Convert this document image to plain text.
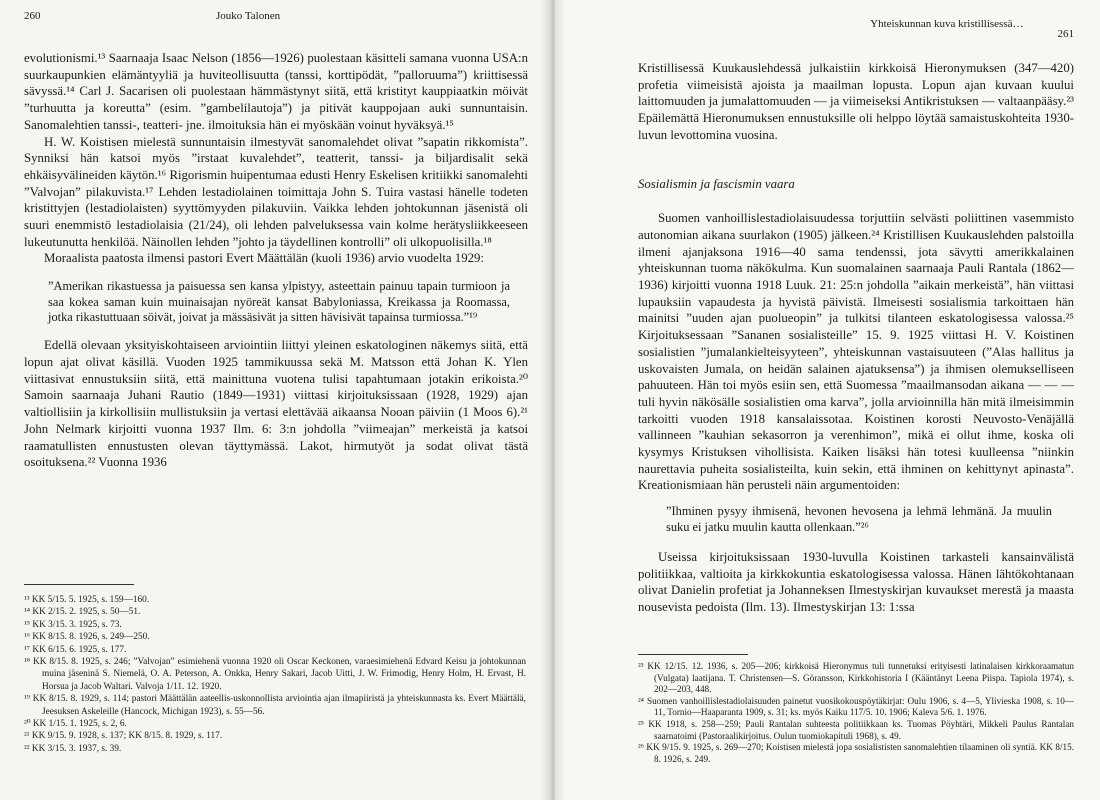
260	Jouko Talonen

evolutionismi.¹³ Saarnaaja Isaac Nelson (1856—1926) puolestaan käsitteli samana vuonna USA:n suurkaupunkien elämäntyyliä ja huviteollisuutta (tanssi, korttipödät, ”palloruuma”) kriittisessä sävyssä.¹⁴ Carl J. Sacarisen oli puolestaan hämmästynyt siitä, että kristityt kauppiaatkin möivät ”turhuutta ja koreutta” (esim. ”gambelilautoja”) ja pitivät kauppojaan auki sunnuntaisin. Sanomalehtien tanssi-, teatteri- jne. ilmoituksia hän ei myöskään voinut hyväksyä.¹⁵

H. W. Koistisen mielestä sunnuntaisin ilmestyvät sanomalehdet olivat ”sapatin rikkomista”. Synniksi hän katsoi myös ”irstaat kuvalehdet”, teatterit, tanssi- ja biljardisalit sekä ehkäisyvälineiden käytön.¹⁶ Rigorismin huipentumaa edusti Henry Eskelisen kritiikki sanomalehti ”Valvojan” pilakuvista.¹⁷ Lehden lestadiolainen toimittaja John S. Tuira vastasi hänelle todeten kristittyjen (lestadiolaisten) syyttömyyden pilakuviin. Vaikka lehden johtokunnan jäsenistä oli suuri enemmistö lestadiolaisia (21/24), oli lehden palveluksessa vain kolme herätysliikkeeseen lukeutunutta henkilöä. Näinollen lehden ”johto ja täydellinen kontrolli” oli ulkopuolisilla.¹⁸

Moraalista paatosta ilmensi pastori Evert Määttälän (kuoli 1936) arvio vuodelta 1929:

”Amerikan rikastuessa ja paisuessa sen kansa ylpistyy, asteettain painuu tapain turmioon ja saa kokea saman kuin muinaisajan nyöreät kansat Babyloniassa, Kreikassa ja Roomassa, jotka rikastuttuaan söivät, joivat ja mässäsivät ja sitten hävisivät tapainsa turmiossa.”¹⁹

Edellä olevaan yksityiskohtaiseen arviointiin liittyi yleinen eskatologinen näkemys siitä, että lopun ajat olivat käsillä. Vuoden 1925 tammikuussa sekä M. Matsson että Johan K. Ylen viittasivat ennustuksiin siitä, että mainittuna vuotena tulisi tapahtumaan jotakin erikoista.²⁰ Samoin saarnaaja Juhani Rautio (1849—1931) viittasi kirjoituksissaan (1928, 1929) ajan valtiollisiin ja kirkollisiin mullistuksiin ja vertasi elettävää aikaansa Nooan päiviin (1 Moos 6).²¹ John Nelmark kirjoitti vuonna 1937 Ilm. 6: 3:n johdolla ”viimeajan” merkeistä ja katsoi raamatullisten ennustusten olevan täyttymässä. Lakot, hirmutyöt ja sodat olivat tästä osoituksena.²² Vuonna 1936

¹³ KK 5/15. 5. 1925, s. 159—160.
¹⁴ KK 2/15. 2. 1925, s. 50—51.
¹⁵ KK 3/15. 3. 1925, s. 73.
¹⁶ KK 8/15. 8. 1926, s. 249—250.
¹⁷ KK 6/15. 6. 1925, s. 177.
¹⁸ KK 8/15. 8. 1925, s. 246; ”Valvojan” esimiehenä vuonna 1920 oli Oscar Keckonen, varaesimiehenä Edvard Keisu ja johtokunnan muina jäseninä S. Niemelä, O. A. Peterson, A. Onkka, Henry Sakari, Jacob Uitti, J. W. Frimodig, Henry Holm, H. Ervast, H. Horsua ja Jacob Waltari. Valvoja 1/11. 12. 1920.
¹⁹ KK 8/15. 8. 1929, s. 114; pastori Määttälän aateellis-uskonnollista arviointia ajan ilmapiiristä ja yhteiskunnasta ks. Evert Määttälä, Jeesuksen Askeleille (Hancock, Michigan 1923), s. 55—56.
²⁰ KK 1/15. 1. 1925, s. 2, 6.
²¹ KK 9/15. 9. 1928, s. 137; KK 8/15. 8. 1929, s. 117.
²² KK 3/15. 3. 1937, s. 39.
Yhteiskunnan kuva kristillisessä…
261

Kristillisessä Kuukauslehdessä julkaistiin kirkkoisä Hieronymuksen (347—420) profetia viimeisistä ajoista ja maailman lopusta. Lopun ajan kuvaan kuului laittomuuden ja jumalattomuuden — ja viimeiseksi Antikristuksen — valtaanpääsy.²³ Epäilemättä Hieronumuksen ennustuksille oli helppo löytää samaistuskohteita 1930-luvun levottomina vuosina.

Sosialismin ja fascismin vaara

Suomen vanhoillislestadiolaisuudessa torjuttiin selvästi poliittinen vasemmisto autonomian aikana suurlakon (1905) jälkeen.²⁴ Kristillisen Kuukauslehden palstoilla ilmeni ajanjaksona 1916—40 sama tendenssi, jota sävytti amerikkalainen yhteiskunnan tuoma näkökulma. Kun suomalainen saarnaaja Pauli Rantala (1862—1936) kirjoitti vuonna 1918 Luuk. 21: 25:n johdolla ”aikain merkeistä”, hän viittasi lupauksiin vapaudesta ja hyvistä päivistä. Ilmeisesti sosialismia tarkoittaen hän mainitsi ”uuden ajan puolueopin” ja tulkitsi tilanteen eskatologisessa valossa.²⁵ Kirjoituksessaan ”Sananen sosialisteille” 15. 9. 1925 viittasi H. V. Koistinen sosialistien ”jumalankielteisyyteen”, yhteiskunnan vastaisuuteen (”Alas hallitus ja uskovaisten Jumala, on heidän salainen ajatuksensa”) ja ihmisen olemukselliseen pahuuteen. Hän toi myös esiin sen, että Suomessa ”maailmansodan aikana — — — tuli hyvin näkösälle sosialistien oma karva”, jolla arvioinnilla hän mitä ilmeisimmin tarkoitti vuoden 1918 kansalaissotaa. Koistinen korosti Neuvosto-Venäjällä vallinneen ”kauhian sekasorron ja verenhimon”, mikä ei ollut ihme, koska oli kysymys Kristuksen vihollisista. Kaiken lisäksi hän totesi kuulleensa ”niinkin naurettavia puheita sosialisteilta, kuin sekin, että ihminen on kehittynyt apinasta”. Kreationismiaan hän perusteli näin argumentoiden:

”Ihminen pysyy ihmisenä, hevonen hevosena ja lehmä lehmänä. Ja muulin suku ei jatku muulin kautta ollenkaan.”²⁶

Useissa kirjoituksissaan 1930-luvulla Koistinen tarkasteli kansainvälistä politiikkaa, valtioita ja kirkkokuntia eskatologisessa valossa. Hänen lähtökohtanaan olivat Danielin profetiat ja Johanneksen Ilmestyskirjan kuvaukset merestä ja maasta nousevista pedoista (Ilm. 13). Ilmestyskirjan 13: 1:ssa

²³ KK 12/15. 12. 1936, s. 205—206; kirkkoisä Hieronymus tuli tunnetuksi erityisesti latinalaisen kirkkoraamatun (Vulgata) laatijana. T. Christensen—S. Göransson, Kirkkohistoria I (Kääntänyt Leena Piispa. Tapiola 1974), s. 202—203, 448.
²⁴ Suomen vanhoillislestadiolaisuuden painetut vuosikokouspöytäkirjat: Oulu 1906, s. 4—5, Ylivieska 1908, s. 10—11, Tornio—Haaparanta 1909, s. 31; ks. myös Kaiku 117/5. 10. 1906; Kaleva 5/6. 1. 1976.
²⁵ KK 1918, s. 258—259; Pauli Rantalan suhteesta politiikkaan ks. Tuomas Pöyhtäri, Mikkeli Paulus Rantalan saarnatoimi (Pastoraalikirjoitus. Oulun tuomiokapituli 1968), s. 49.
²⁶ KK 9/15. 9. 1925, s. 269—270; Koistisen mielestä jopa sosialististen sanomalehtien tilaaminen oli syntiä. KK 8/15. 8. 1926, s. 249.
